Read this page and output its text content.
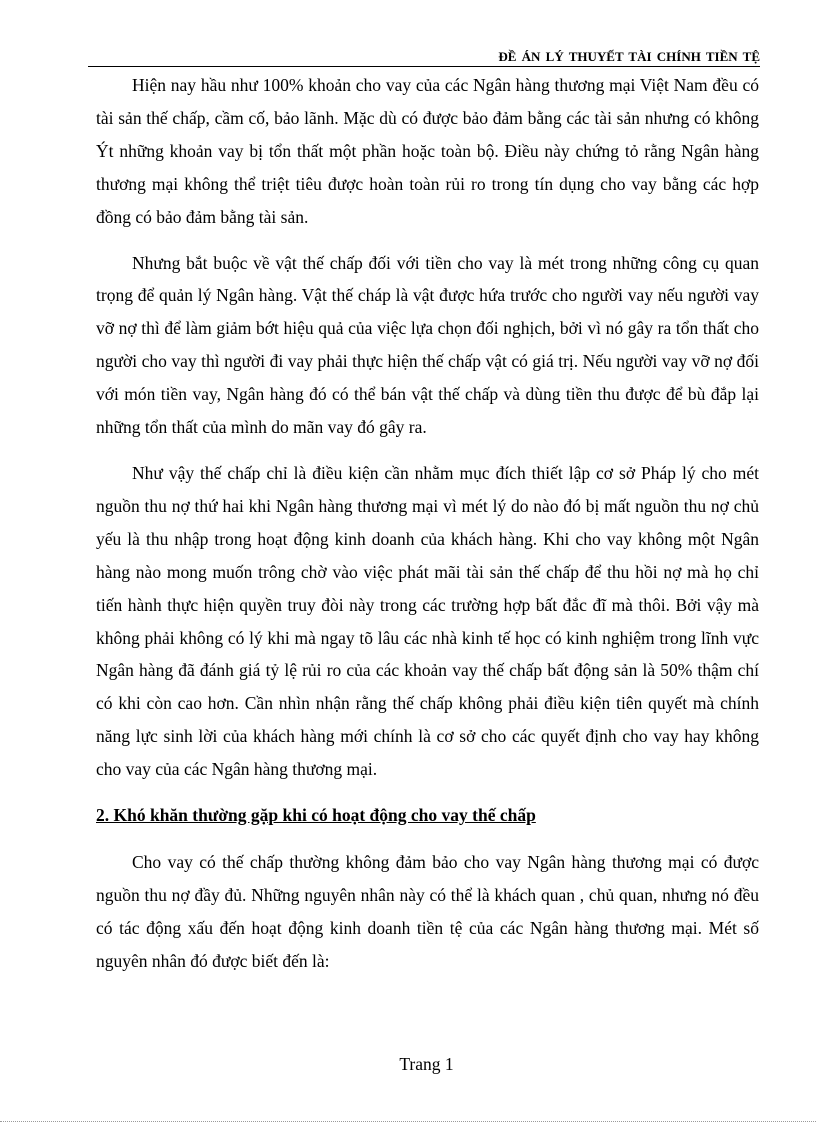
ĐỀ ÁN LÝ THUYẾT TÀI CHÍNH TIỀN TỆ

Hiện nay hầu như 100% khoản cho vay của các Ngân hàng thương mại Việt Nam đều có tài sản thế chấp, cầm cố, bảo lãnh. Mặc dù có được bảo đảm bằng các tài sản nhưng có không Ýt những khoản vay bị tổn thất một phần hoặc toàn bộ. Điều này chứng tỏ rằng Ngân hàng thương mại không thể triệt tiêu được hoàn toàn rủi ro trong tín dụng cho vay bằng các hợp đồng có bảo đảm bằng tài sản.

Nhưng bắt buộc về vật thế chấp đối với tiền cho vay là mét trong những công cụ quan trọng để quản lý Ngân hàng. Vật thế cháp là vật được hứa trước cho người vay nếu người vay vỡ nợ thì để làm giảm bớt hiệu quả của việc lựa chọn đối nghịch, bởi vì nó gây ra tổn thất cho người cho vay thì người đi vay phải thực hiện thế chấp vật có giá trị. Nếu người vay vỡ nợ đối với món tiền vay, Ngân hàng đó có thể bán vật thế chấp và dùng tiền thu được để bù đắp lại những tổn thất của mình do mãn vay đó gây ra.

Như vậy thế chấp chỉ là điều kiện cần nhằm mục đích thiết lập cơ sở Pháp lý cho mét nguồn thu nợ thứ hai khi Ngân hàng thương mại vì mét lý do nào đó bị mất nguồn thu nợ chủ yếu là thu nhập trong hoạt động kinh doanh của khách hàng. Khi cho vay không một Ngân hàng nào mong muốn trông chờ vào việc phát mãi tài sản thế chấp để thu hồi nợ mà họ chỉ tiến hành thực hiện quyền truy đòi này trong các trường hợp bất đắc đĩ mà thôi. Bởi vậy mà không phải không có lý khi mà ngay tõ lâu các nhà kinh tế học có kinh nghiệm trong lĩnh vực Ngân hàng đã đánh giá tỷ lệ rủi ro của các khoản vay thế chấp bất động sản là 50% thậm chí có khi còn cao hơn. Cần nhìn nhận rằng thế chấp không phải điều kiện tiên quyết mà chính năng lực sinh lời của khách hàng mới chính là cơ sở cho các quyết định cho vay hay không cho vay của các Ngân hàng thương mại.

2. Khó khăn thường gặp khi có hoạt động cho vay thế chấp

Cho vay có thế chấp thường không đảm bảo cho vay Ngân hàng thương mại có được nguồn thu nợ đầy đủ. Những nguyên nhân này có thể là khách quan , chủ quan, nhưng nó đều có tác động xấu đến hoạt động kinh doanh tiền tệ của các Ngân hàng thương mại. Mét số nguyên nhân đó được biết đến là:

Trang 1
